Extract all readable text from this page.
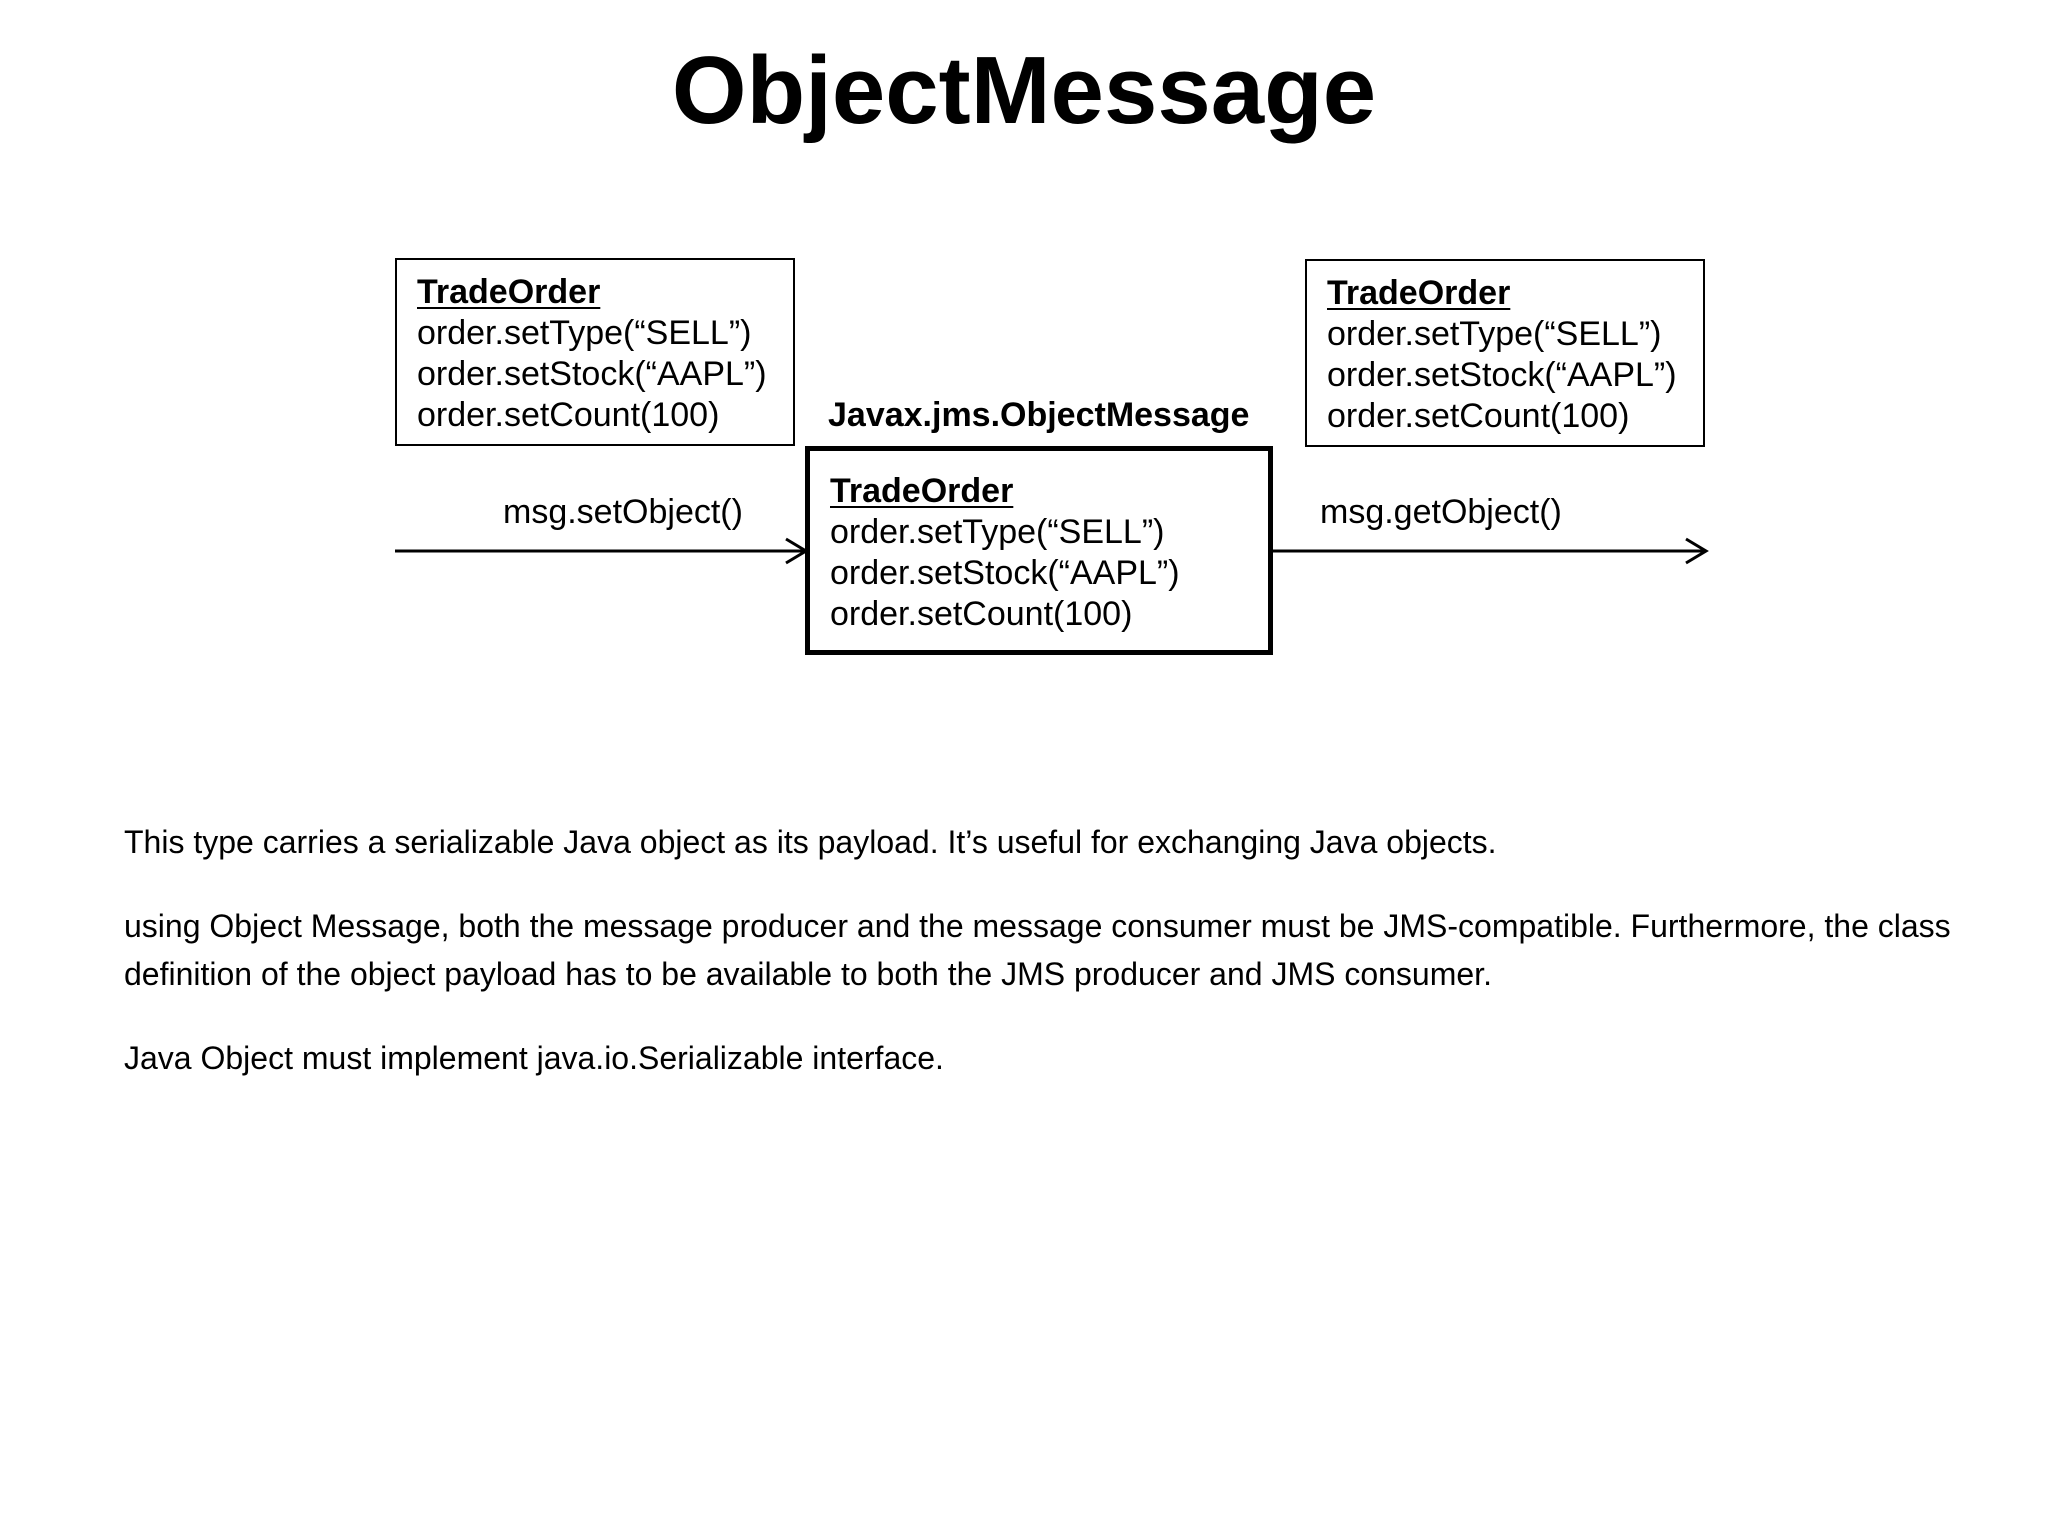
ObjectMessage
TradeOrder
order.setType(“SELL”)
order.setStock(“AAPL”)
order.setCount(100)
TradeOrder
order.setType(“SELL”)
order.setStock(“AAPL”)
order.setCount(100)
Javax.jms.ObjectMessage
TradeOrder
order.setType(“SELL”)
order.setStock(“AAPL”)
order.setCount(100)
msg.setObject()	msg.getObject()

This type carries a serializable Java object as its payload. It’s useful for exchanging Java objects.

using Object Message, both the message producer and the message consumer must be JMS-compatible. Furthermore, the class definition of the object payload has to be available to both the JMS producer and JMS consumer.

Java Object must implement java.io.Serializable interface.
